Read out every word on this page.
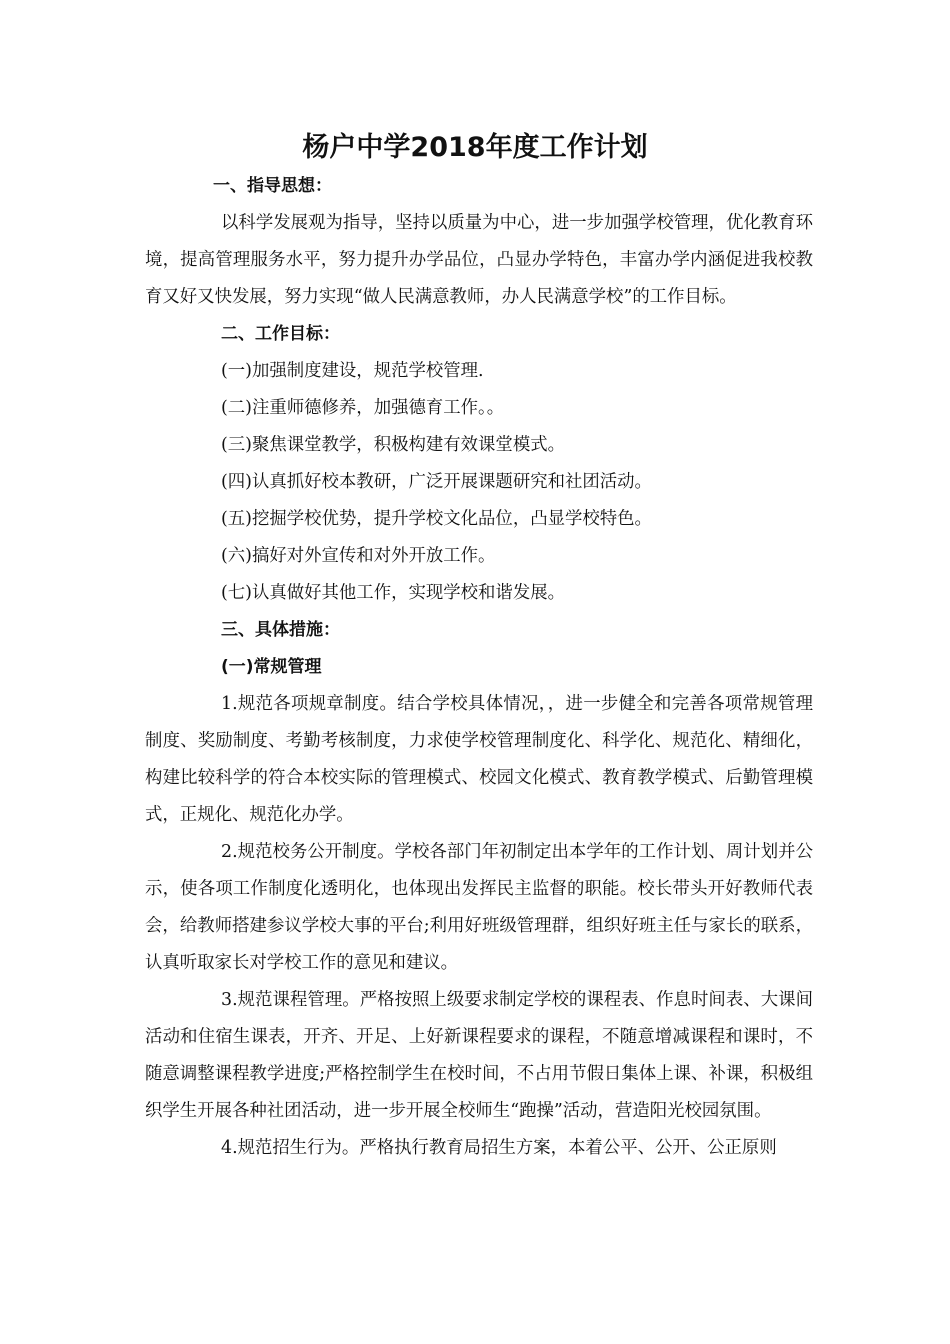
杨户中学2018年度工作计划

一、指导思想：

以科学发展观为指导，坚持以质量为中心，进一步加强学校管理，优化教育环境，提高管理服务水平，努力提升办学品位，凸显办学特色，丰富办学内涵促进我校教育又好又快发展，努力实现“做人民满意教师，办人民满意学校”的工作目标。

二、工作目标：

(一)加强制度建设，规范学校管理.

(二)注重师德修养，加强德育工作。。

(三)聚焦课堂教学，积极构建有效课堂模式。

(四)认真抓好校本教研，广泛开展课题研究和社团活动。

(五)挖掘学校优势，提升学校文化品位，凸显学校特色。

(六)搞好对外宣传和对外开放工作。

(七)认真做好其他工作，实现学校和谐发展。

三、具体措施：

(一)常规管理

1.规范各项规章制度。结合学校具体情况，，进一步健全和完善各项常规管理制度、奖励制度、考勤考核制度，力求使学校管理制度化、科学化、规范化、精细化，构建比较科学的符合本校实际的管理模式、校园文化模式、教育教学模式、后勤管理模式，正规化、规范化办学。

2.规范校务公开制度。学校各部门年初制定出本学年的工作计划、周计划并公示，使各项工作制度化透明化，也体现出发挥民主监督的职能。校长带头开好教师代表会，给教师搭建参议学校大事的平台;利用好班级管理群，组织好班主任与家长的联系，认真听取家长对学校工作的意见和建议。

3.规范课程管理。严格按照上级要求制定学校的课程表、作息时间表、大课间活动和住宿生课表，开齐、开足、上好新课程要求的课程，不随意增减课程和课时，不随意调整课程教学进度;严格控制学生在校时间，不占用节假日集体上课、补课，积极组织学生开展各种社团活动，进一步开展全校师生“跑操”活动，营造阳光校园氛围。

4.规范招生行为。严格执行教育局招生方案，本着公平、公开、公正原则
